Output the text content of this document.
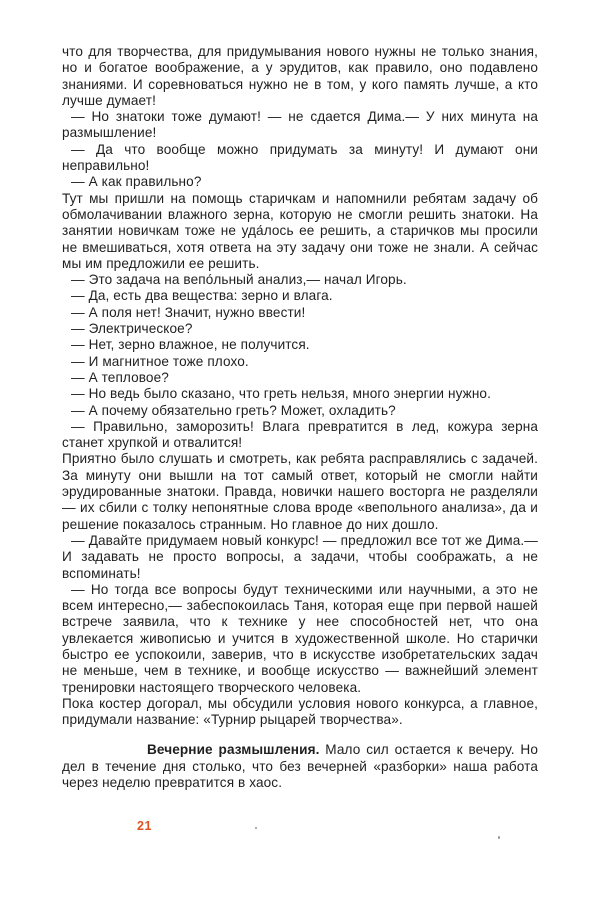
что для творчества, для придумывания нового нужны не только знания, но и богатое воображение, а у эрудитов, как правило, оно подавлено знаниями. И соревноваться нужно не в том, у кого память лучше, а кто лучше думает!

— Но знатоки тоже думают! — не сдается Дима.— У них минута на размышление!

— Да что вообще можно придумать за минуту! И думают они неправильно!

— А как правильно?

Тут мы пришли на помощь старичкам и напомнили ребятам задачу об обмолачивании влажного зерна, которую не смогли решить знатоки. На занятии новичкам тоже не уда́лось ее решить, а старичков мы просили не вмешиваться, хотя ответа на эту задачу они тоже не знали. А сейчас мы им предложили ее решить.

— Это задача на вепо́льный анализ,— начал Игорь.

— Да, есть два вещества: зерно и влага.

— А поля нет! Значит, нужно ввести!

— Электрическое?

— Нет, зерно влажное, не получится.

— И магнитное тоже плохо.

— А тепловое?

— Но ведь было сказано, что греть нельзя, много энергии нужно.

— А почему обязательно греть? Может, охладить?

— Правильно, заморозить! Влага превратится в лед, кожура зерна станет хрупкой и отвалится!

Приятно было слушать и смотреть, как ребята расправлялись с задачей. За минуту они вышли на тот самый ответ, который не смогли найти эрудированные знатоки. Правда, новички нашего восторга не разделяли — их сбили с толку непонятные слова вроде «вепольного анализа», да и решение показалось странным. Но главное до них дошло.

— Давайте придумаем новый конкурс! — предложил все тот же Дима.— И задавать не просто вопросы, а задачи, чтобы соображать, а не вспоминать!

— Но тогда все вопросы будут техническими или научными, а это не всем интересно,— забеспокоилась Таня, которая еще при первой нашей встрече заявила, что к технике у нее способностей нет, что она увлекается живописью и учится в художественной школе. Но старички быстро ее успокоили, заверив, что в искусстве изобретательских задач не меньше, чем в технике, и вообще искусство — важнейший элемент тренировки настоящего творческого человека.

Пока костер догорал, мы обсудили условия нового конкурса, а главное, придумали название: «Турнир рыцарей творчества».

Вечерние размышления. Мало сил остается к вечеру. Но дел в течение дня столько, что без вечерней «разборки» наша работа через неделю превратится в хаос.

21
